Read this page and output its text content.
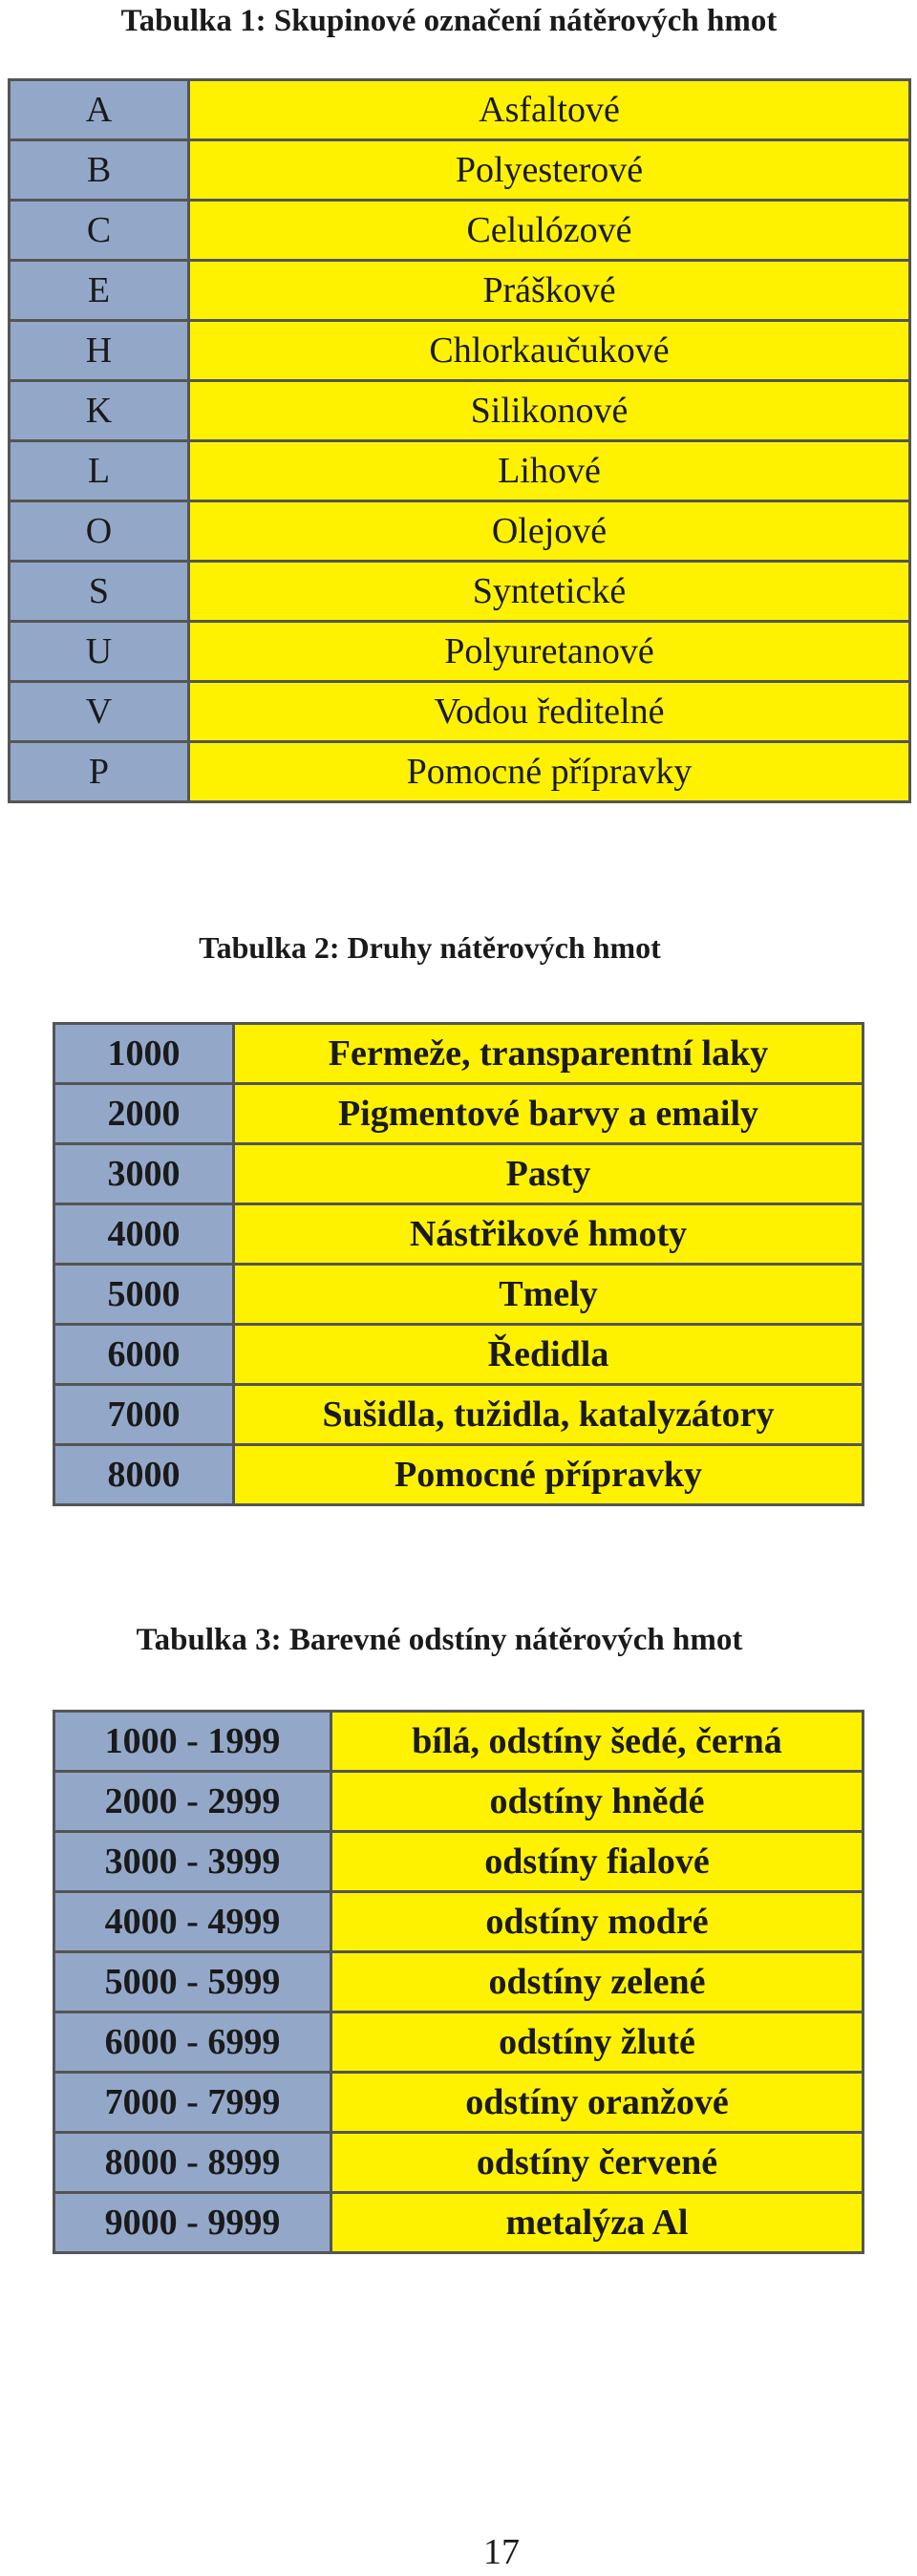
Tabulka 1: Skupinové označení nátěrových hmot
A	Asfaltové
B	Polyesterové
C	Celulózové
E	Práškové
H	Chlorkaučukové
K	Silikonové
L	Lihové
O	Olejové
S	Syntetické
U	Polyuretanové
V	Vodou ředitelné
P	Pomocné přípravky
Tabulka 2: Druhy nátěrových hmot
1000	Fermeže, transparentní laky
2000	Pigmentové barvy a emaily
3000	Pasty
4000	Nástřikové hmoty
5000	Tmely
6000	Ředidla
7000	Sušidla, tužidla, katalyzátory
8000	Pomocné přípravky
Tabulka 3: Barevné odstíny nátěrových hmot
1000 - 1999	bílá, odstíny šedé, černá
2000 - 2999	odstíny hnědé
3000 - 3999	odstíny fialové
4000 - 4999	odstíny modré
5000 - 5999	odstíny zelené
6000 - 6999	odstíny žluté
7000 - 7999	odstíny oranžové
8000 - 8999	odstíny červené
9000 - 9999	metalýza Al
17
